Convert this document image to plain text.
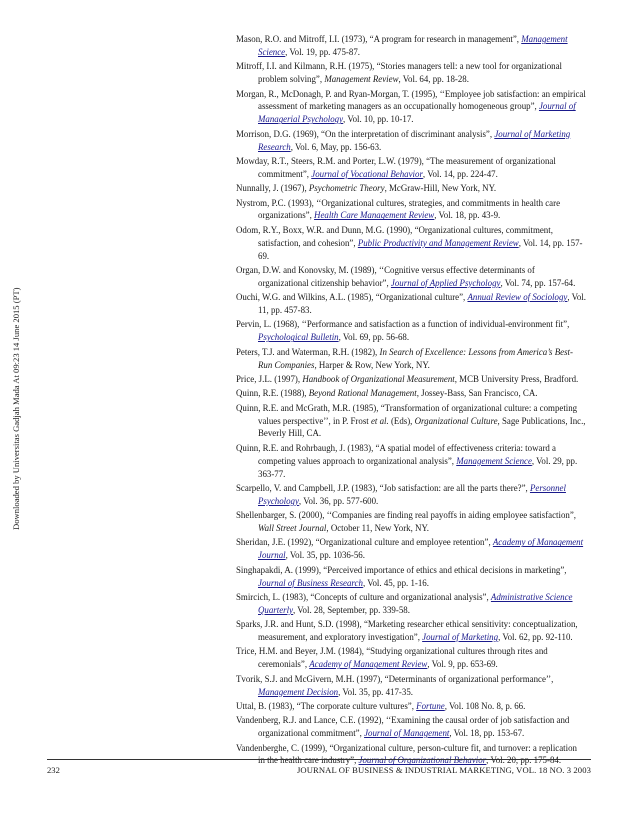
Downloaded by Universitas Gadjah Mada At 09:23 14 June 2015 (PT)
Mason, R.O. and Mitroff, I.I. (1973), “A program for research in management”, Management Science, Vol. 19, pp. 475-87.
Mitroff, I.I. and Kilmann, R.H. (1975), “Stories managers tell: a new tool for organizational problem solving”, Management Review, Vol. 64, pp. 18-28.
Morgan, R., McDonagh, P. and Ryan-Morgan, T. (1995), ‘‘Employee job satisfaction: an empirical assessment of marketing managers as an occupationally homogeneous group”, Journal of Managerial Psychology, Vol. 10, pp. 10-17.
Morrison, D.G. (1969), “On the interpretation of discriminant analysis”, Journal of Marketing Research, Vol. 6, May, pp. 156-63.
Mowday, R.T., Steers, R.M. and Porter, L.W. (1979), “The measurement of organizational commitment”, Journal of Vocational Behavior, Vol. 14, pp. 224-47.
Nunnally, J. (1967), Psychometric Theory, McGraw-Hill, New York, NY.
Nystrom, P.C. (1993), ‘‘Organizational cultures, strategies, and commitments in health care organizations”, Health Care Management Review, Vol. 18, pp. 43-9.
Odom, R.Y., Boxx, W.R. and Dunn, M.G. (1990), “Organizational cultures, commitment, satisfaction, and cohesion”, Public Productivity and Management Review, Vol. 14, pp. 157-69.
Organ, D.W. and Konovsky, M. (1989), ‘‘Cognitive versus effective determinants of organizational citizenship behavior”, Journal of Applied Psychology, Vol. 74, pp. 157-64.
Ouchi, W.G. and Wilkins, A.L. (1985), “Organizational culture”, Annual Review of Sociology, Vol. 11, pp. 457-83.
Pervin, L. (1968), ‘‘Performance and satisfaction as a function of individual-environment fit”, Psychological Bulletin, Vol. 69, pp. 56-68.
Peters, T.J. and Waterman, R.H. (1982), In Search of Excellence: Lessons from America’s Best-Run Companies, Harper & Row, New York, NY.
Price, J.L. (1997), Handbook of Organizational Measurement, MCB University Press, Bradford.
Quinn, R.E. (1988), Beyond Rational Management, Jossey-Bass, San Francisco, CA.
Quinn, R.E. and McGrath, M.R. (1985), “Transformation of organizational culture: a competing values perspective’’, in P. Frost et al. (Eds), Organizational Culture, Sage Publications, Inc., Beverly Hill, CA.
Quinn, R.E. and Rohrbaugh, J. (1983), “A spatial model of effectiveness criteria: toward a competing values approach to organizational analysis”, Management Science, Vol. 29, pp. 363-77.
Scarpello, V. and Campbell, J.P. (1983), “Job satisfaction: are all the parts there?”, Personnel Psychology, Vol. 36, pp. 577-600.
Shellenbarger, S. (2000), ‘‘Companies are finding real payoffs in aiding employee satisfaction”, Wall Street Journal, October 11, New York, NY.
Sheridan, J.E. (1992), “Organizational culture and employee retention”, Academy of Management Journal, Vol. 35, pp. 1036-56.
Singhapakdi, A. (1999), “Perceived importance of ethics and ethical decisions in marketing”, Journal of Business Research, Vol. 45, pp. 1-16.
Smircich, L. (1983), “Concepts of culture and organizational analysis”, Administrative Science Quarterly, Vol. 28, September, pp. 339-58.
Sparks, J.R. and Hunt, S.D. (1998), “Marketing researcher ethical sensitivity: conceptualization, measurement, and exploratory investigation”, Journal of Marketing, Vol. 62, pp. 92-110.
Trice, H.M. and Beyer, J.M. (1984), “Studying organizational cultures through rites and ceremonials”, Academy of Management Review, Vol. 9, pp. 653-69.
Tvorik, S.J. and McGivern, M.H. (1997), “Determinants of organizational performance’’, Management Decision, Vol. 35, pp. 417-35.
Uttal, B. (1983), “The corporate culture vultures”, Fortune, Vol. 108 No. 8, p. 66.
Vandenberg, R.J. and Lance, C.E. (1992), ‘‘Examining the causal order of job satisfaction and organizational commitment”, Journal of Management, Vol. 18, pp. 153-67.
Vandenberghe, C. (1999), “Organizational culture, person-culture fit, and turnover: a replication in the health care industry”, Journal of Organizational Behavior, Vol. 20, pp. 175-84.
232	JOURNAL OF BUSINESS & INDUSTRIAL MARKETING, VOL. 18 NO. 3 2003
